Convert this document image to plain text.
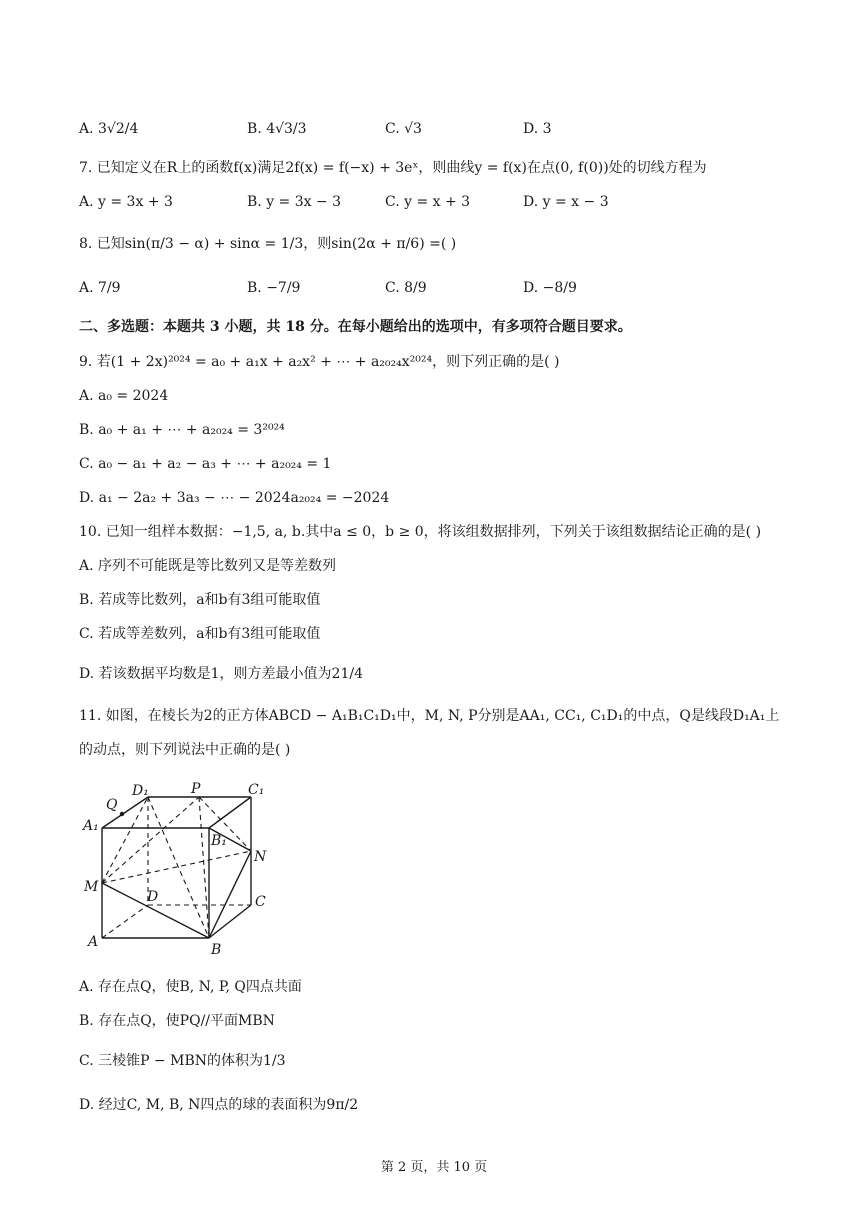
A. 3√2/4	B. 4√3/3	C. √3	D. 3
7. 已知定义在R上的函数f(x)满足2f(x) = f(−x) + 3eˣ，则曲线y = f(x)在点(0, f(0))处的切线方程为
A. y = 3x + 3	B. y = 3x − 3	C. y = x + 3	D. y = x − 3
8. 已知sin(π/3 − α) + sinα = 1/3，则sin(2α + π/6) =( )
A. 7/9	B. −7/9	C. 8/9	D. −8/9
二、多选题：本题共 3 小题，共 18 分。在每小题给出的选项中，有多项符合题目要求。
9. 若(1 + 2x)²⁰²⁴ = a₀ + a₁x + a₂x² + ⋯ + a₂₀₂₄x²⁰²⁴，则下列正确的是( )
A. a₀ = 2024
B. a₀ + a₁ + ⋯ + a₂₀₂₄ = 3²⁰²⁴
C. a₀ − a₁ + a₂ − a₃ + ⋯ + a₂₀₂₄ = 1
D. a₁ − 2a₂ + 3a₃ − ⋯ − 2024a₂₀₂₄ = −2024
10. 已知一组样本数据：−1,5, a, b.其中a ≤ 0，b ≥ 0，将该组数据排列，下列关于该组数据结论正确的是( )
A. 序列不可能既是等比数列又是等差数列
B. 若成等比数列，a和b有3组可能取值
C. 若成等差数列，a和b有3组可能取值
D. 若该数据平均数是1，则方差最小值为21/4
11. 如图，在棱长为2的正方体ABCD − A₁B₁C₁D₁中，M, N, P分别是AA₁, CC₁, C₁D₁的中点，Q是线段D₁A₁上
的动点，则下列说法中正确的是( )
D₁	P	C₁
Q
A₁
B₁
N
M
D	C
A	B
A. 存在点Q，使B, N, P, Q四点共面
B. 存在点Q，使PQ//平面MBN
C. 三棱锥P − MBN的体积为1/3
D. 经过C, M, B, N四点的球的表面积为9π/2
第 2 页，共 10 页
